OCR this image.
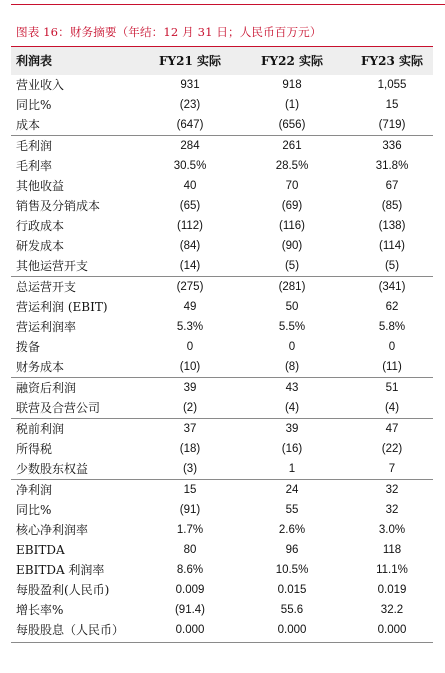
图表 16：财务摘要（年结：12 月 31 日；人民币百万元）
利润表	FY21 实际	FY22 实际	FY23 实际
营业收入	931	918	1,055
同比%	(23)	(1)	15
成本	(647)	(656)	(719)
毛利润	284	261	336
毛利率	30.5%	28.5%	31.8%
其他收益	40	70	67
销售及分销成本	(65)	(69)	(85)
行政成本	(112)	(116)	(138)
研发成本	(84)	(90)	(114)
其他运营开支	(14)	(5)	(5)
总运营开支	(275)	(281)	(341)
营运利润 (EBIT)	49	50	62
营运利润率	5.3%	5.5%	5.8%
拨备	0	0	0
财务成本	(10)	(8)	(11)
融资后利润	39	43	51
联营及合营公司	(2)	(4)	(4)
税前利润	37	39	47
所得税	(18)	(16)	(22)
少数股东权益	(3)	1	7
净利润	15	24	32
同比%	(91)	55	32
核心净利润率	1.7%	2.6%	3.0%
EBITDA	80	96	118
EBITDA 利润率	8.6%	10.5%	11.1%
每股盈利(人民币)	0.009	0.015	0.019
增长率%	(91.4)	55.6	32.2
每股股息（人民币）	0.000	0.000	0.000
